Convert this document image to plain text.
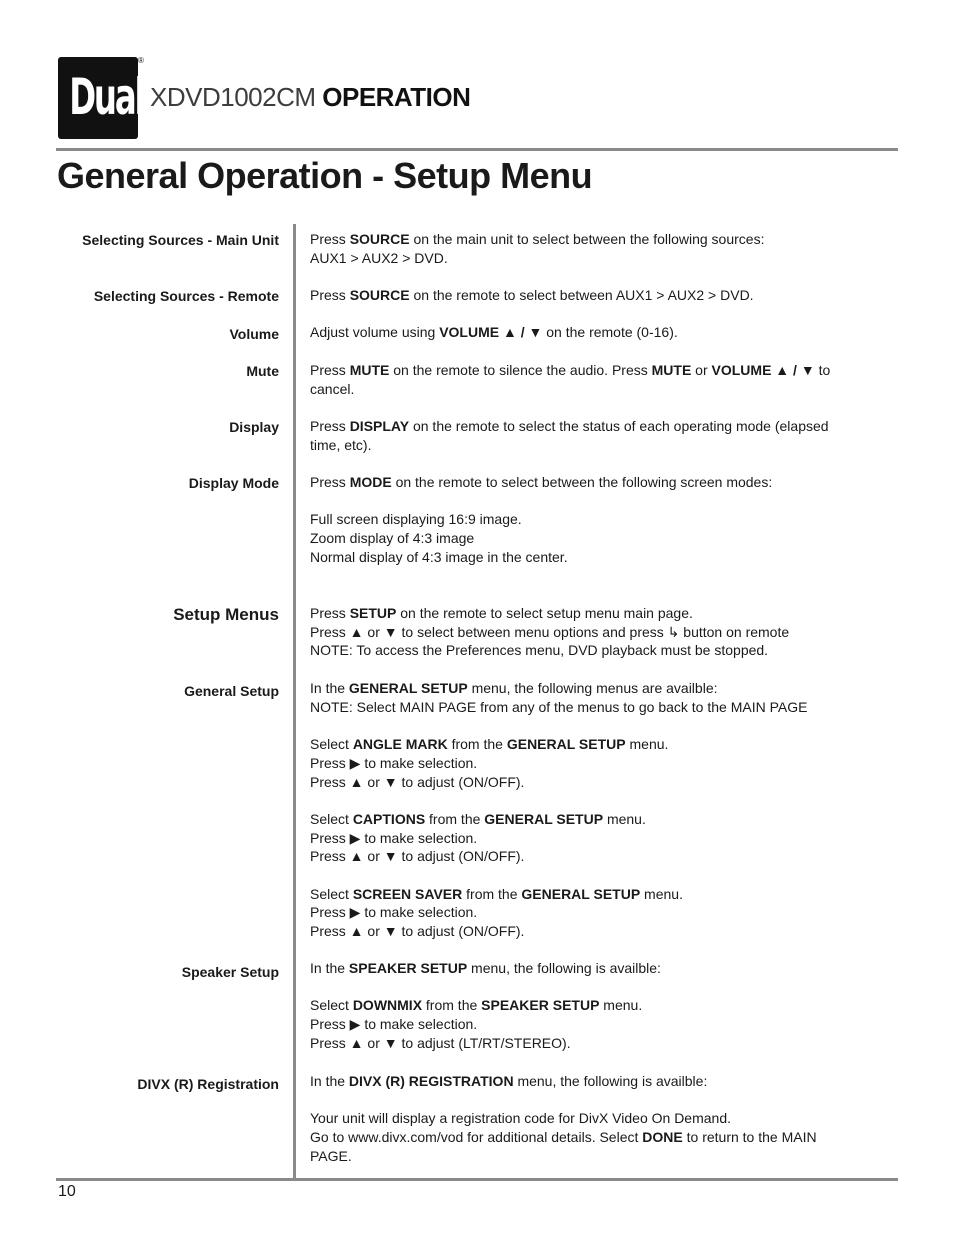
Dual
®
XDVD1002CM OPERATION
General Operation - Setup Menu
Selecting Sources - Main Unit
Selecting Sources - Remote
Volume
Mute
Display
Display Mode
Setup Menus
General Setup
Speaker Setup
DIVX (R) Registration

Press SOURCE on the main unit to select between the following sources:

AUX1 > AUX2 > DVD.

Press SOURCE on the remote to select between AUX1 > AUX2 > DVD.

Adjust volume using VOLUME ▲ / ▼ on the remote (0-16).

Press MUTE on the remote to silence the audio. Press MUTE or VOLUME ▲ / ▼ to

cancel.

Press DISPLAY on the remote to select the status of each operating mode (elapsed

time, etc).

Press MODE on the remote to select between the following screen modes:

Full screen displaying 16:9 image.

Zoom display of 4:3 image

Normal display of 4:3 image in the center.

Press SETUP on the remote to select setup menu main page.

Press ▲ or ▼ to select between menu options and press ↳ button on remote

NOTE: To access the Preferences menu, DVD playback must be stopped.

In the GENERAL SETUP menu, the following menus are availble:

NOTE: Select MAIN PAGE from any of the menus to go back to the MAIN PAGE

Select ANGLE MARK from the GENERAL SETUP menu.

Press ▶ to make selection.

Press ▲ or ▼ to adjust (ON/OFF).

Select CAPTIONS from the GENERAL SETUP menu.

Press ▶ to make selection.

Press ▲ or ▼ to adjust (ON/OFF).

Select SCREEN SAVER from the GENERAL SETUP menu.

Press ▶ to make selection.

Press ▲ or ▼ to adjust (ON/OFF).

In the SPEAKER SETUP menu, the following is availble:

Select DOWNMIX from the SPEAKER SETUP menu.

Press ▶ to make selection.

Press ▲ or ▼ to adjust (LT/RT/STEREO).

In the DIVX (R) REGISTRATION menu, the following is availble:

Your unit will display a registration code for DivX Video On Demand.

Go to www.divx.com/vod for additional details. Select DONE to return to the MAIN

PAGE.

10
